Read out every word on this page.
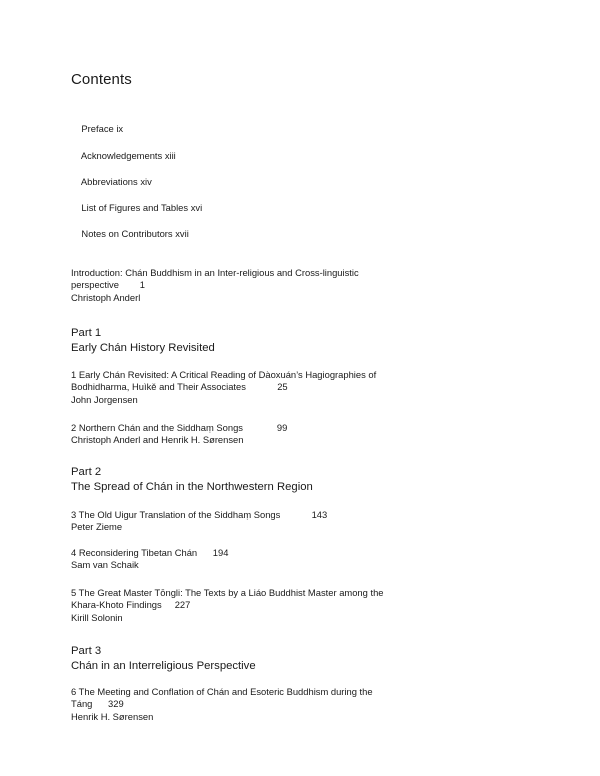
Contents

Preface ix

Acknowledgements xiii

Abbreviations xiv

List of Figures and Tables xvi

Notes on Contributors xvii

Introduction: Chán Buddhism in an Inter-religious and Cross-linguistic
perspective 1
Christoph Anderl

Part 1
Early Chán History Revisited

1 Early Chán Revisited: A Critical Reading of Dàoxuán’s Hagiographies of
Bodhidharma, Huìkě and Their Associates	25
John Jorgensen

2 Northern Chán and the Siddhaṃ Songs	99
Christoph Anderl and Henrik H. Sørensen

Part 2
The Spread of Chán in the Northwestern Region

3 The Old Uigur Translation of the Siddhaṃ Songs	143
Peter Zieme

4 Reconsidering Tibetan Chán 194
Sam van Schaik

5 The Great Master Tōngli: The Texts by a Liáo Buddhist Master among the
Khara-Khoto Findings 227
Kirill Solonin

Part 3
Chán in an Interreligious Perspective

6 The Meeting and Conflation of Chán and Esoteric Buddhism during the
Táng 329
Henrik H. Sørensen
